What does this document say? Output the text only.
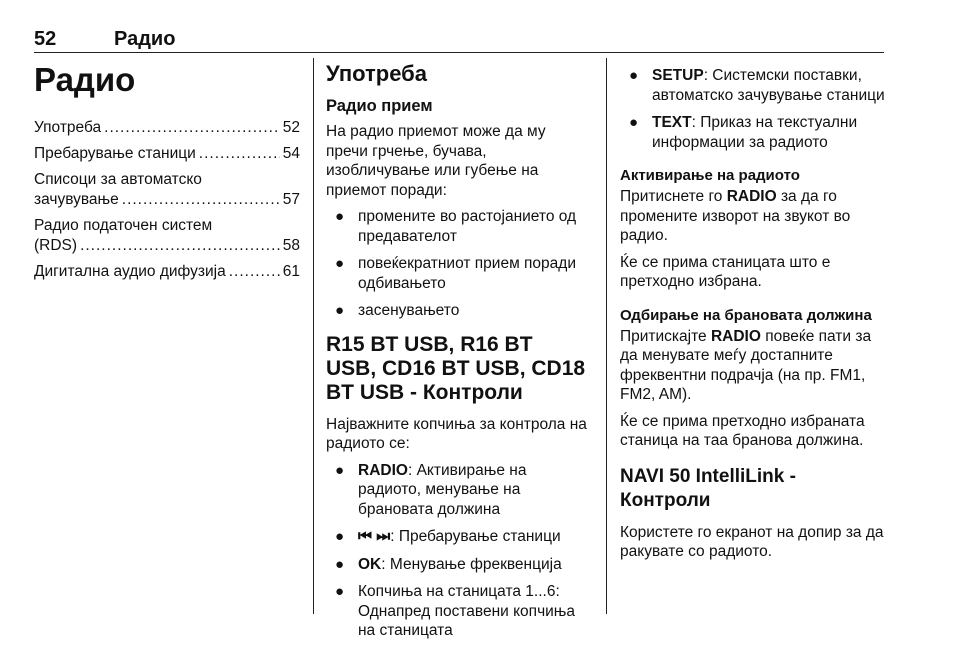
52	Радио
Радио
Употреба .....	52
Пребарување станици .....	54
Списоци за автоматско
зачувување .....	57
Радио податочен систем
(RDS) .....	58
Дигитална аудио дифузија .....	61
Употреба
Радио прием

На радио приемот може да му пречи грчење, бучава, изобличување или губење на приемот поради:

● промените во растојанието од предавателот
● повеќекратниот прием поради одбивањето
● засенувањето
R15 BT USB, R16 BT USB, CD16 BT USB, CD18 BT USB - Контроли

Најважните копчиња за контрола на радиото се:

● RADIO: Активирање на радиото, менување на брановата должина
● ⏮ ⏭: Пребарување станици
● OK: Менување фреквенција
● Копчиња на станицата 1...6: Однапред поставени копчиња на станицата
● SETUP: Системски поставки, автоматско зачувување станици
● TEXT: Приказ на текстуални информации за радиото
Активирање на радиото

Притиснете го RADIO за да го промените изворот на звукот во радио.

Ќе се прима станицата што е претходно избрана.

Одбирање на брановата должина

Притискајте RADIO повеќе пати за да менувате меѓу достапните фреквентни подрачја (на пр. FM1, FM2, AM).

Ќе се прима претходно избраната станица на таа бранова должина.

NAVI 50 IntelliLink - Контроли

Користете го екранот на допир за да ракувате со радиото.
